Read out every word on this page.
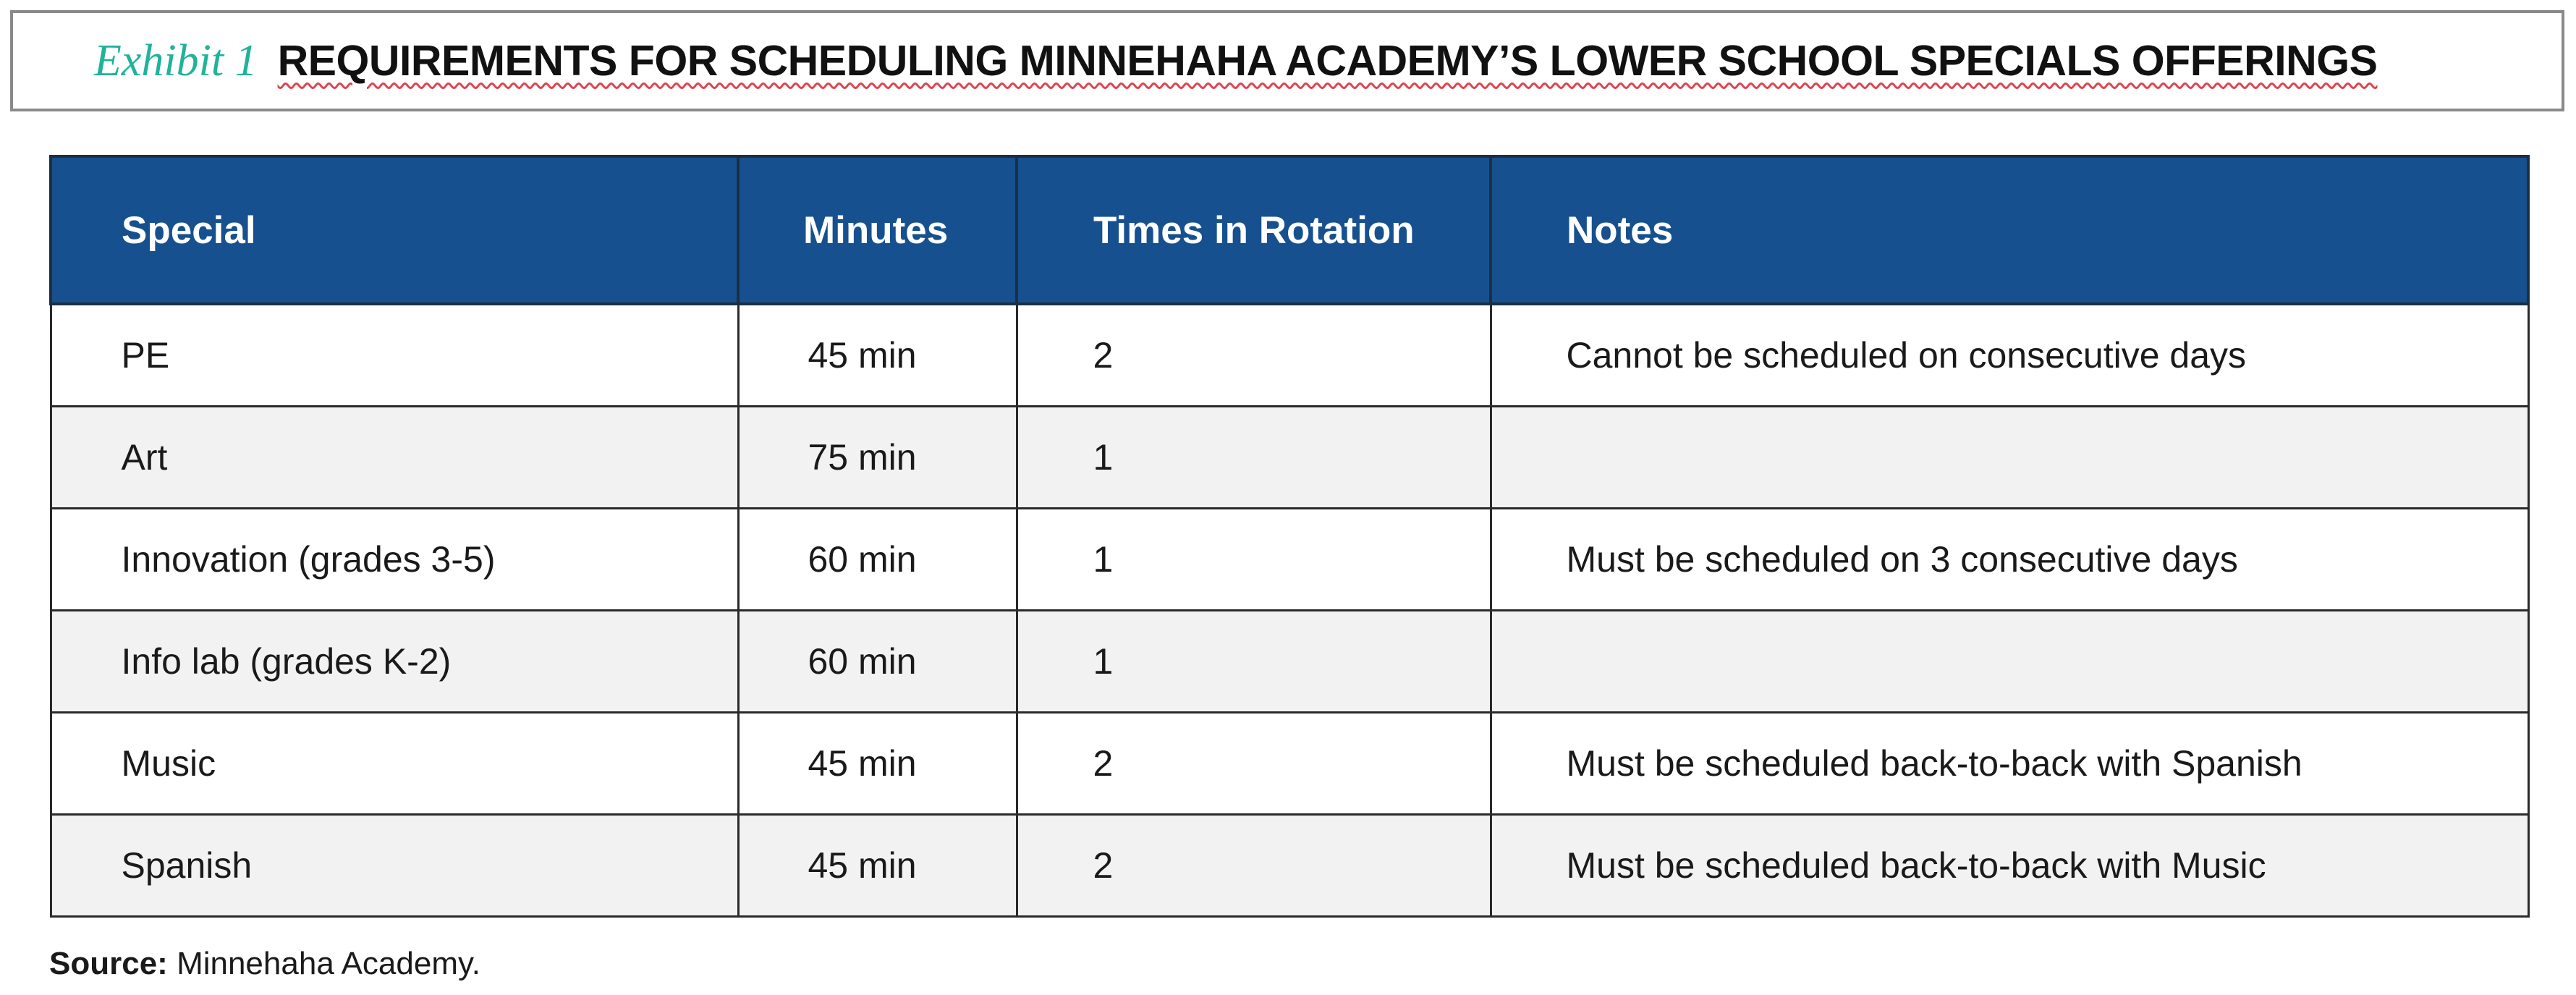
Exhibit 1 REQUIREMENTS FOR SCHEDULING MINNEHAHA ACADEMY’S LOWER SCHOOL SPECIALS OFFERINGS
Special	Minutes	Times in Rotation	Notes
PE	45 min	2	Cannot be scheduled on consecutive days
Art	75 min	1	
Innovation (grades 3-5)	60 min	1	Must be scheduled on 3 consecutive days
Info lab (grades K-2)	60 min	1	
Music	45 min	2	Must be scheduled back-to-back with Spanish
Spanish	45 min	2	Must be scheduled back-to-back with Music
Source: Minnehaha Academy.
